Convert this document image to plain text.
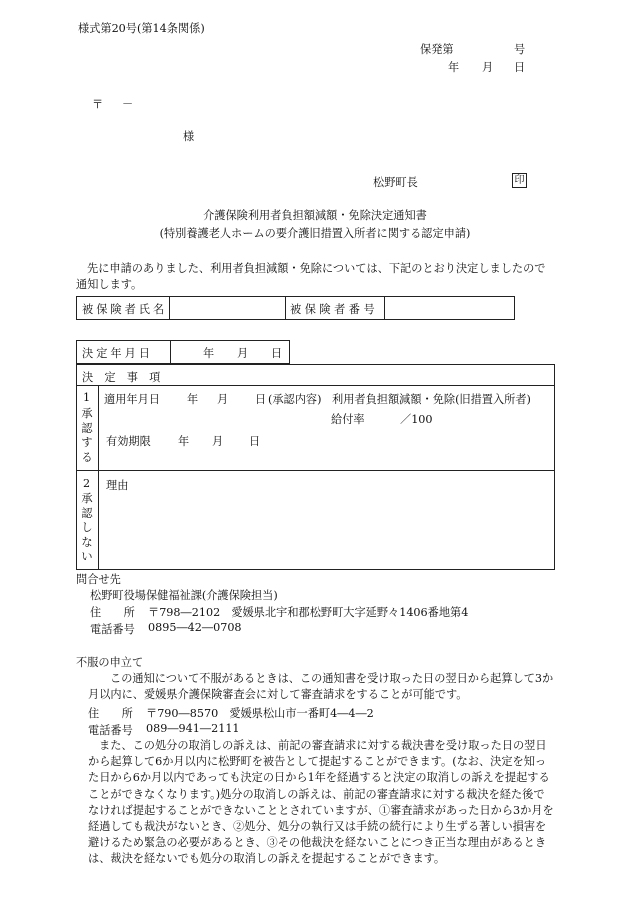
様式第20号(第14条関係)
保発第	号
年 月 日
〒 －
様
松野町長	印
介護保険利用者負担額減額・免除決定通知書
(特別養護老人ホームの要介護旧措置入所者に関する認定申請)
先に申請のありました、利用者負担減額・免除については、下記のとおり決定しましたので通知します。
被保険者氏名	被保険者番号
決定年月日	年 月 日
決　定　事　項
1
承認する
適用年月日 年 月 日 (承認内容) 利用者負担額減額・免除(旧措置入所者)
給付率	／100
有効期限 年 月 日
2
承認しない
理由
問合せ先
松野町役場保健福祉課(介護保険担当)
住　　所 〒798―2102　愛媛県北宇和郡松野町大字延野々1406番地第4
電話番号 0895―42―0708
不服の申立て
この通知について不服があるときは、この通知書を受け取った日の翌日から起算して3か月以内に、愛媛県介護保険審査会に対して審査請求をすることが可能です。
住　　所 〒790―8570　愛媛県松山市一番町4―4―2
電話番号 089―941―2111
また、この処分の取消しの訴えは、前記の審査請求に対する裁決書を受け取った日の翌日から起算して6か月以内に松野町を被告として提起することができます。(なお、決定を知った日から6か月以内であっても決定の日から1年を経過すると決定の取消しの訴えを提起することができなくなります。)処分の取消しの訴えは、前記の審査請求に対する裁決を経た後でなければ提起することができないこととされていますが、①審査請求があった日から3か月を経過しても裁決がないとき、②処分、処分の執行又は手続の続行により生ずる著しい損害を避けるため緊急の必要があるとき、③その他裁決を経ないことにつき正当な理由があるときは、裁決を経ないでも処分の取消しの訴えを提起することができます。
